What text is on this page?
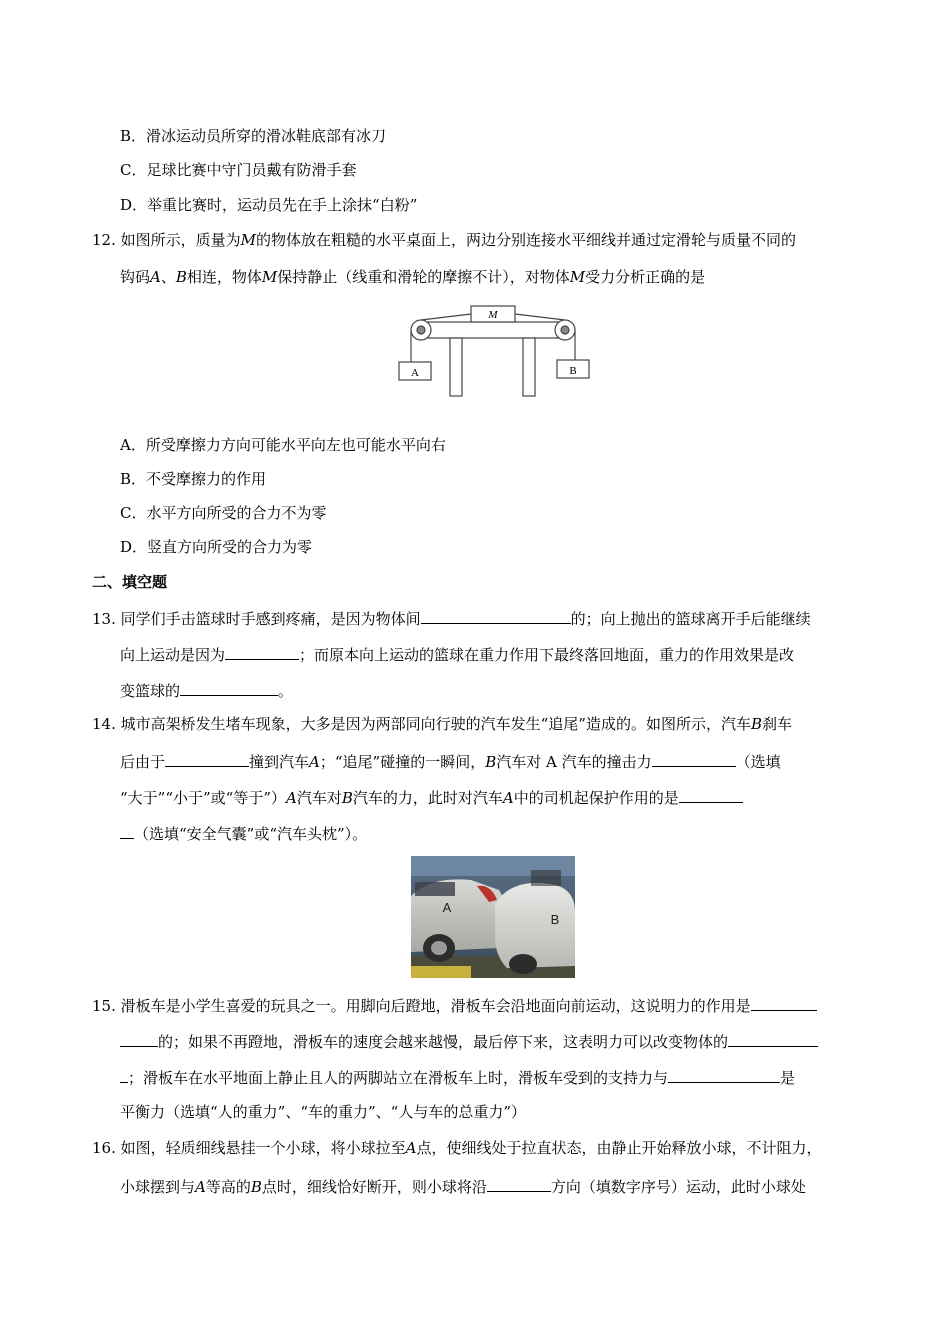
B．滑冰运动员所穿的滑冰鞋底部有冰刀
C．足球比赛中守门员戴有防滑手套
D．举重比赛时，运动员先在手上涂抹“白粉”
12. 如图所示，质量为M的物体放在粗糙的水平桌面上，两边分别连接水平细线并通过定滑轮与质量不同的
钩码A、B相连，物体M保持静止（线重和滑轮的摩擦不计），对物体M受力分析正确的是
M
A	B
A．所受摩擦力方向可能水平向左也可能水平向右
B．不受摩擦力的作用
C．水平方向所受的合力不为零
D．竖直方向所受的合力为零
二、填空题
13. 同学们手击篮球时手感到疼痛，是因为物体间	的；向上抛出的篮球离开手后能继续
向上运动是因为	；而原本向上运动的篮球在重力作用下最终落回地面，重力的作用效果是改
变篮球的	。
14. 城市高架桥发生堵车现象，大多是因为两部同向行驶的汽车发生“追尾”造成的。如图所示，汽车B刹车
后由于	撞到汽车A；“追尾”碰撞的一瞬间，B汽车对 A 汽车的撞击力	（选填
“大于”“小于”或“等于”）A汽车对B汽车的力，此时对汽车A中的司机起保护作用的是
（选填“安全气囊”或“汽车头枕”）。
A
B
15. 滑板车是小学生喜爱的玩具之一。用脚向后蹬地，滑板车会沿地面向前运动，这说明力的作用是
的；如果不再蹬地，滑板车的速度会越来越慢，最后停下来，这表明力可以改变物体的
；滑板车在水平地面上静止且人的两脚站立在滑板车上时，滑板车受到的支持力与	是
平衡力（选填“人的重力”、“车的重力”、“人与车的总重力”）
16. 如图，轻质细线悬挂一个小球，将小球拉至A点，使细线处于拉直状态，由静止开始释放小球，不计阻力，
小球摆到与A等高的B点时，细线恰好断开，则小球将沿	方向（填数字序号）运动，此时小球处
